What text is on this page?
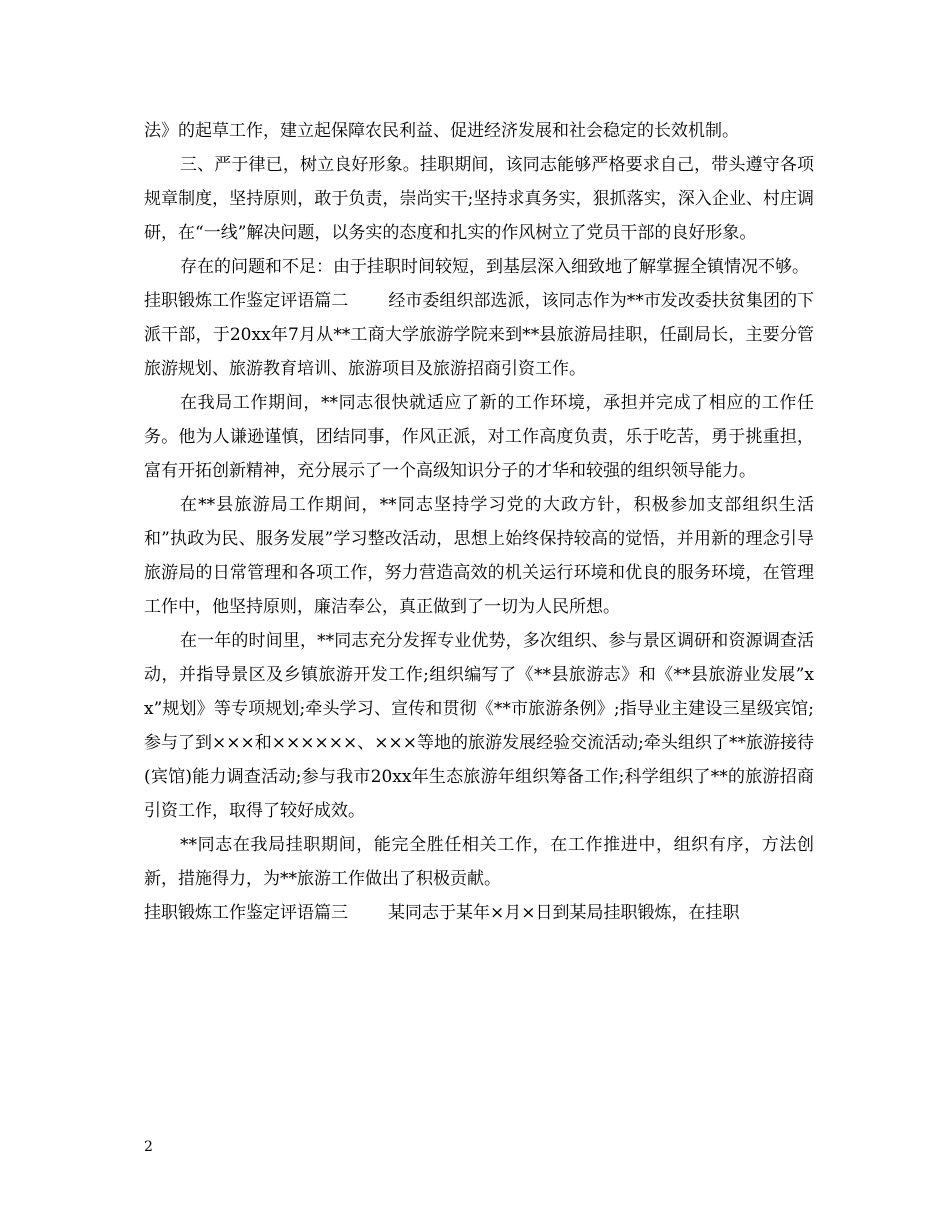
法》的起草工作，建立起保障农民利益、促进经济发展和社会稳定的长效机制。

三、严于律已，树立良好形象。挂职期间，该同志能够严格要求自己，带头遵守各项规章制度，坚持原则，敢于负责，崇尚实干;坚持求真务实，狠抓落实，深入企业、村庄调研，在“一线”解决问题，以务实的态度和扎实的作风树立了党员干部的良好形象。

存在的问题和不足：由于挂职时间较短，到基层深入细致地了解掌握全镇情况不够。

挂职锻炼工作鉴定评语篇二 经市委组织部选派，该同志作为**市发改委扶贫集团的下派干部，于20xx年7月从**工商大学旅游学院来到**县旅游局挂职，任副局长，主要分管旅游规划、旅游教育培训、旅游项目及旅游招商引资工作。

在我局工作期间，**同志很快就适应了新的工作环境，承担并完成了相应的工作任务。他为人谦逊谨慎，团结同事，作风正派，对工作高度负责，乐于吃苦，勇于挑重担，富有开拓创新精神，充分展示了一个高级知识分子的才华和较强的组织领导能力。

在**县旅游局工作期间，**同志坚持学习党的大政方针，积极参加支部组织生活和”执政为民、服务发展”学习整改活动，思想上始终保持较高的觉悟，并用新的理念引导旅游局的日常管理和各项工作，努力营造高效的机关运行环境和优良的服务环境，在管理工作中，他坚持原则，廉洁奉公，真正做到了一切为人民所想。

在一年的时间里，**同志充分发挥专业优势，多次组织、参与景区调研和资源调查活动，并指导景区及乡镇旅游开发工作;组织编写了《**县旅游志》和《**县旅游业发展”xx”规划》等专项规划;牵头学习、宣传和贯彻《**市旅游条例》;指导业主建设三星级宾馆;参与了到×××和××××××、×××等地的旅游发展经验交流活动;牵头组织了**旅游接待(宾馆)能力调查活动;参与我市20xx年生态旅游年组织筹备工作;科学组织了**的旅游招商引资工作，取得了较好成效。

**同志在我局挂职期间，能完全胜任相关工作，在工作推进中，组织有序，方法创新，措施得力，为**旅游工作做出了积极贡献。

挂职锻炼工作鉴定评语篇三 某同志于某年×月×日到某局挂职锻炼，在挂职

2
